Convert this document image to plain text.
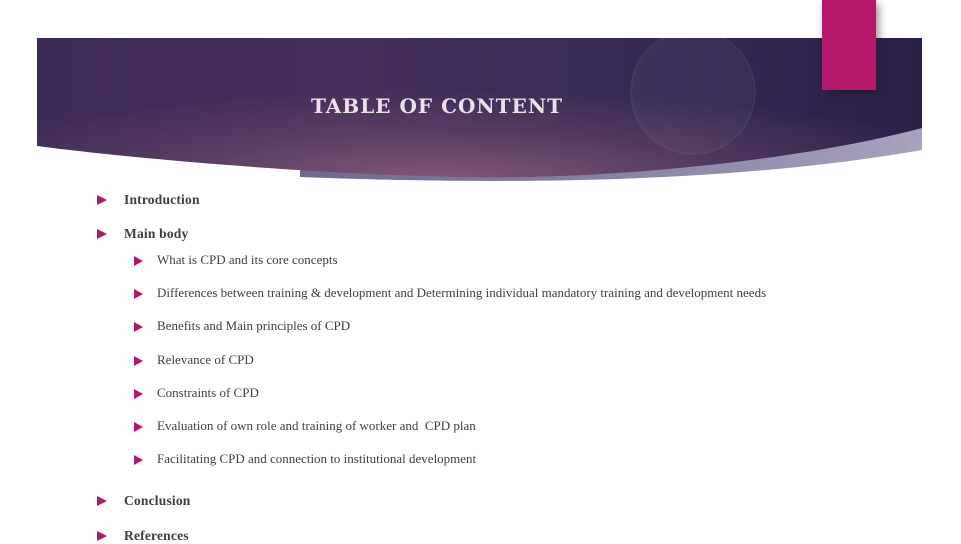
TABLE OF CONTENT
Introduction
Main body
What is CPD and its core concepts
Differences between training & development and Determining individual mandatory training and development needs
Benefits and Main principles of CPD
Relevance of CPD
Constraints of CPD
Evaluation of own role and training of worker and  CPD plan
Facilitating CPD and connection to institutional development
Conclusion
References
